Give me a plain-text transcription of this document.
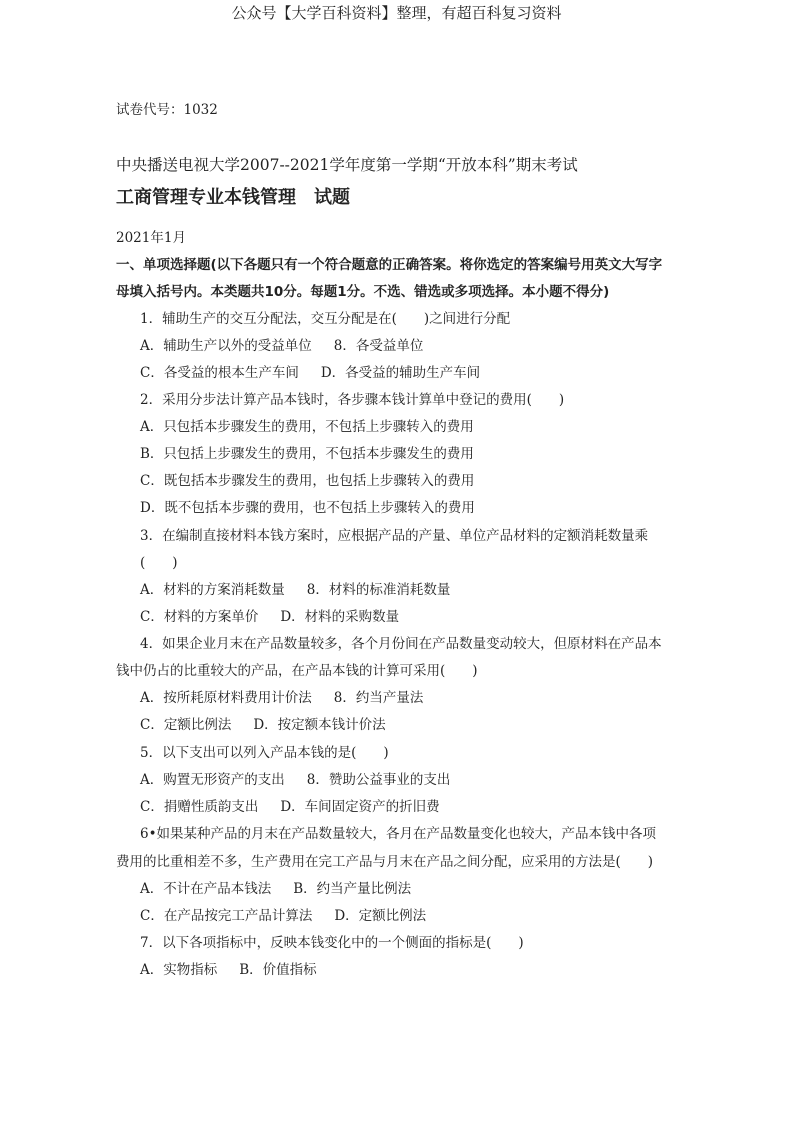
公众号【大学百科资料】整理，有超百科复习资料
试卷代号：1032
中央播送电视大学2007--2021学年度第一学期“开放本科”期末考试
工商管理专业本钱管理　试题
2021年1月
一、单项选择题(以下各题只有一个符合题意的正确答案。将你选定的答案编号用英文大写字
母填入括号内。本类题共10分。每题1分。不选、错选或多项选择。本小题不得分)
1．辅助生产的交互分配法，交互分配是在(　　)之间进行分配
A．辅助生产以外的受益单位 8．各受益单位
C．各受益的根本生产车间 D．各受益的辅助生产车间
2．采用分步法计算产品本钱时，各步骤本钱计算单中登记的费用(　　)
A．只包括本步骤发生的费用，不包括上步骤转入的费用
B．只包括上步骤发生的费用，不包括本步骤发生的费用
C．既包括本步骤发生的费用，也包括上步骤转入的费用
D．既不包括本步骤的费用，也不包括上步骤转入的费用
3．在编制直接材料本钱方案时，应根据产品的产量、单位产品材料的定额消耗数量乘
(　　)
A．材料的方案消耗数量 8．材料的标准消耗数量
C．材料的方案单价 D．材料的采购数量
4．如果企业月末在产品数量较多，各个月份间在产品数量变动较大，但原材料在产品本
钱中仍占的比重较大的产品，在产品本钱的计算可采用(　　)
A．按所耗原材料费用计价法 8．约当产量法
C．定额比例法 D．按定额本钱计价法
5．以下支出可以列入产品本钱的是(　　)
A．购置无形资产的支出 8．赞助公益事业的支出
C．捐赠性质韵支出 D．车间固定资产的折旧费
6•如果某种产品的月末在产品数量较大，各月在产品数量变化也较大，产品本钱中各项
费用的比重相差不多，生产费用在完工产品与月末在产品之间分配，应采用的方法是(　　)
A．不计在产品本钱法 B．约当产量比例法
C．在产品按完工产品计算法 D．定额比例法
7．以下各项指标中，反映本钱变化中的一个侧面的指标是(　　)
A．实物指标 B．价值指标
